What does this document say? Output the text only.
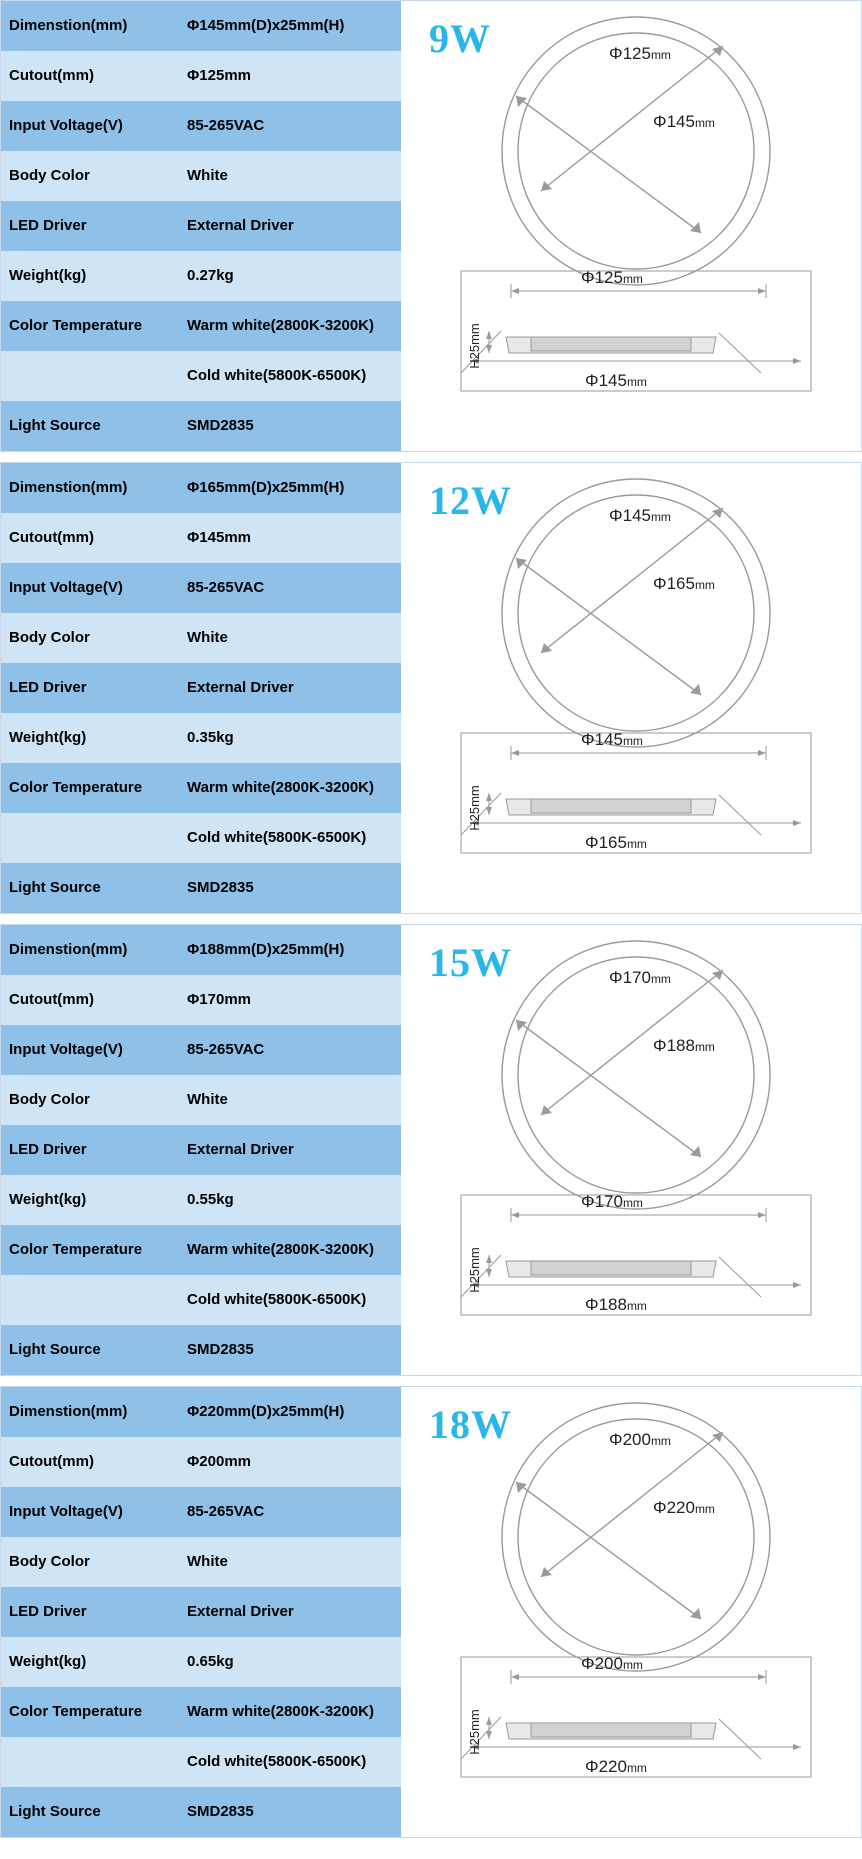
Dimenstion(mm)	Φ145mm(D)x25mm(H)
Cutout(mm)	Φ125mm
Input Voltage(V)	85-265VAC
Body Color	White
LED Driver	External Driver
Weight(kg)	0.27kg
Color Temperature	Warm white(2800K-3200K)
	Cold white(5800K-6500K)
Light Source	SMD2835
9W	Φ125mm
Φ145mm
Φ125mm
Φ145mm
H25mm
Dimenstion(mm)	Φ165mm(D)x25mm(H)
Cutout(mm)	Φ145mm
Input Voltage(V)	85-265VAC
Body Color	White
LED Driver	External Driver
Weight(kg)	0.35kg
Color Temperature	Warm white(2800K-3200K)
	Cold white(5800K-6500K)
Light Source	SMD2835
12W	Φ145mm
Φ165mm
Φ145mm
Φ165mm
H25mm
Dimenstion(mm)	Φ188mm(D)x25mm(H)
Cutout(mm)	Φ170mm
Input Voltage(V)	85-265VAC
Body Color	White
LED Driver	External Driver
Weight(kg)	0.55kg
Color Temperature	Warm white(2800K-3200K)
	Cold white(5800K-6500K)
Light Source	SMD2835
15W	Φ170mm
Φ188mm
Φ170mm
Φ188mm
H25mm
Dimenstion(mm)	Φ220mm(D)x25mm(H)
Cutout(mm)	Φ200mm
Input Voltage(V)	85-265VAC
Body Color	White
LED Driver	External Driver
Weight(kg)	0.65kg
Color Temperature	Warm white(2800K-3200K)
	Cold white(5800K-6500K)
Light Source	SMD2835
18W	Φ200mm
Φ220mm
Φ200mm
Φ220mm
H25mm
